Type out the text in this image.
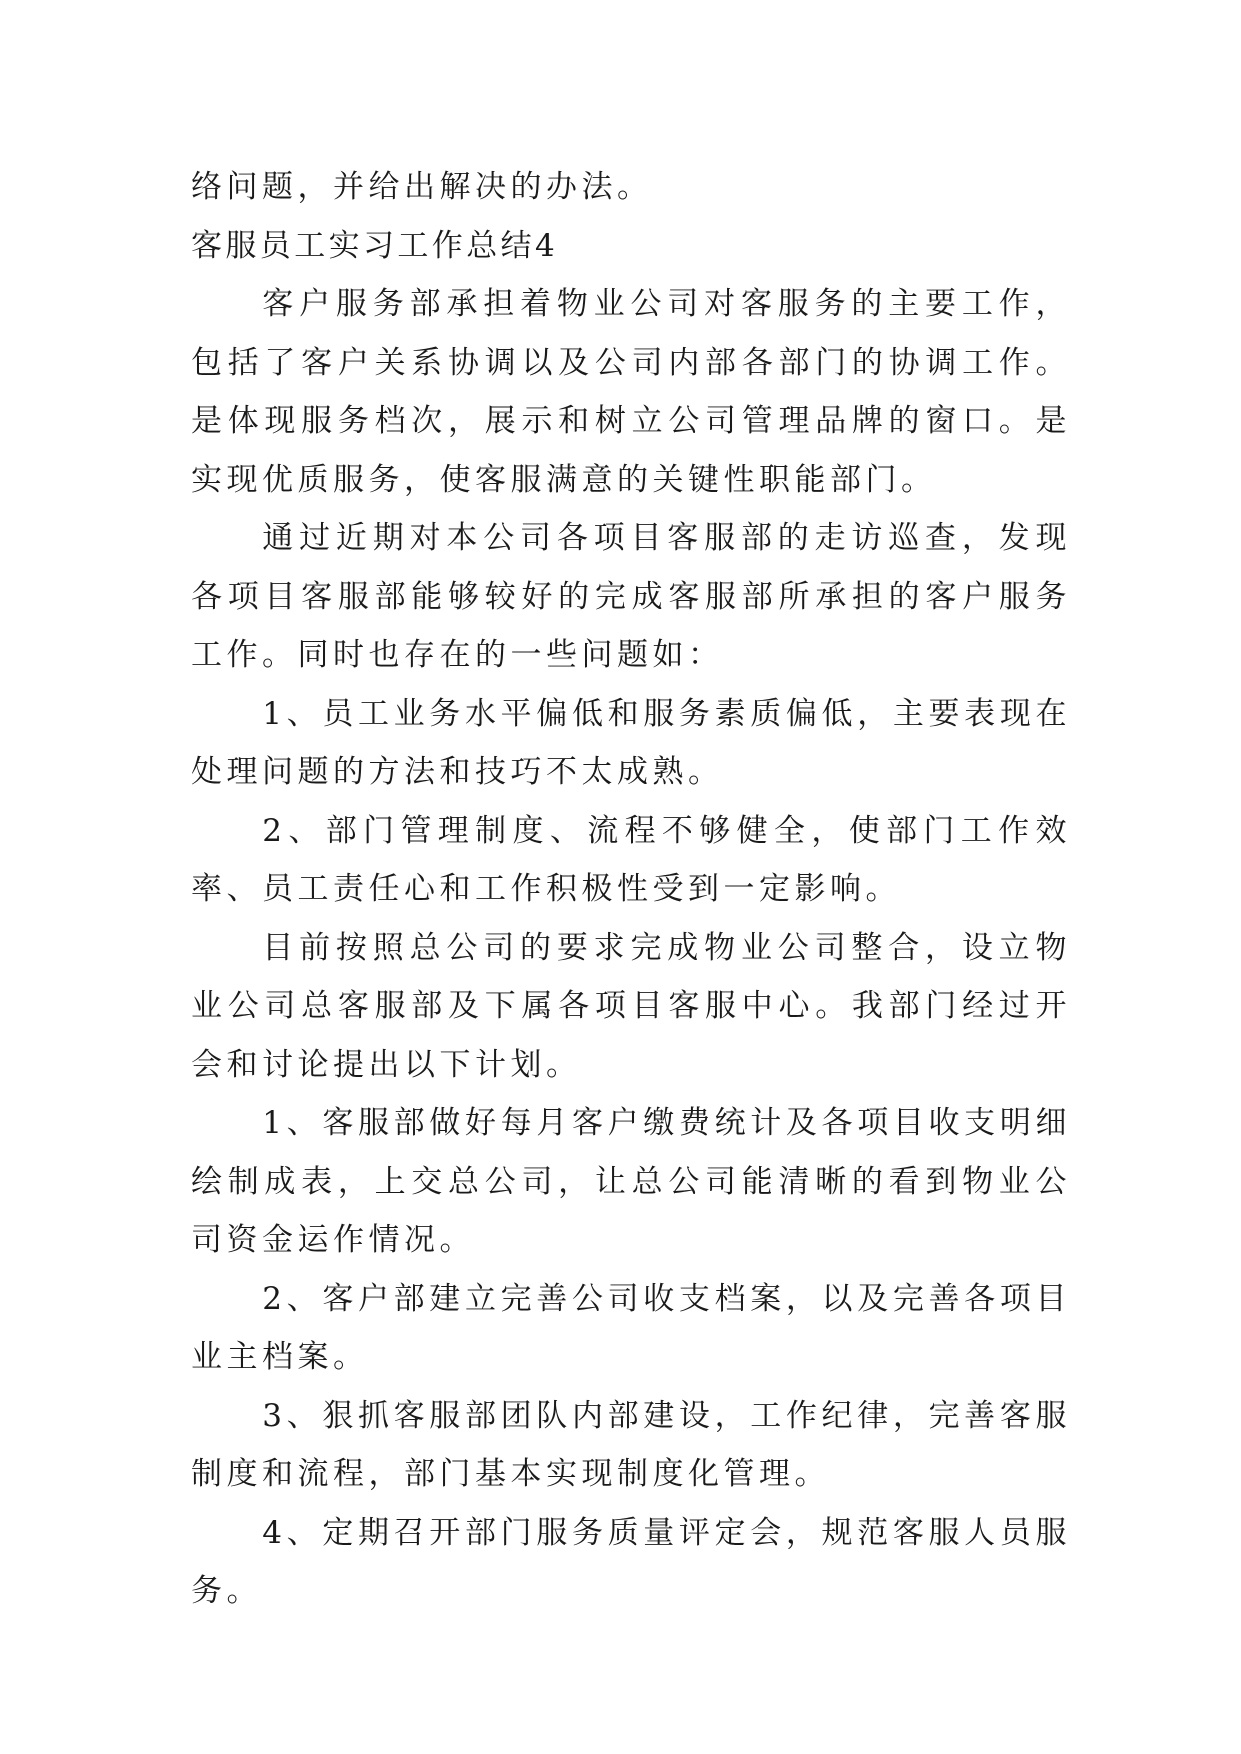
络问题，并给出解决的办法。

客服员工实习工作总结4

客户服务部承担着物业公司对客服务的主要工作，包括了客户关系协调以及公司内部各部门的协调工作。是体现服务档次，展示和树立公司管理品牌的窗口。是实现优质服务，使客服满意的关键性职能部门。

通过近期对本公司各项目客服部的走访巡查，发现各项目客服部能够较好的完成客服部所承担的客户服务工作。同时也存在的一些问题如：

1、员工业务水平偏低和服务素质偏低，主要表现在处理问题的方法和技巧不太成熟。

2、部门管理制度、流程不够健全，使部门工作效率、员工责任心和工作积极性受到一定影响。

目前按照总公司的要求完成物业公司整合，设立物业公司总客服部及下属各项目客服中心。我部门经过开会和讨论提出以下计划。

1、客服部做好每月客户缴费统计及各项目收支明细绘制成表，上交总公司，让总公司能清晰的看到物业公司资金运作情况。

2、客户部建立完善公司收支档案，以及完善各项目业主档案。

3、狠抓客服部团队内部建设，工作纪律，完善客服制度和流程，部门基本实现制度化管理。

4、定期召开部门服务质量评定会，规范客服人员服务。
